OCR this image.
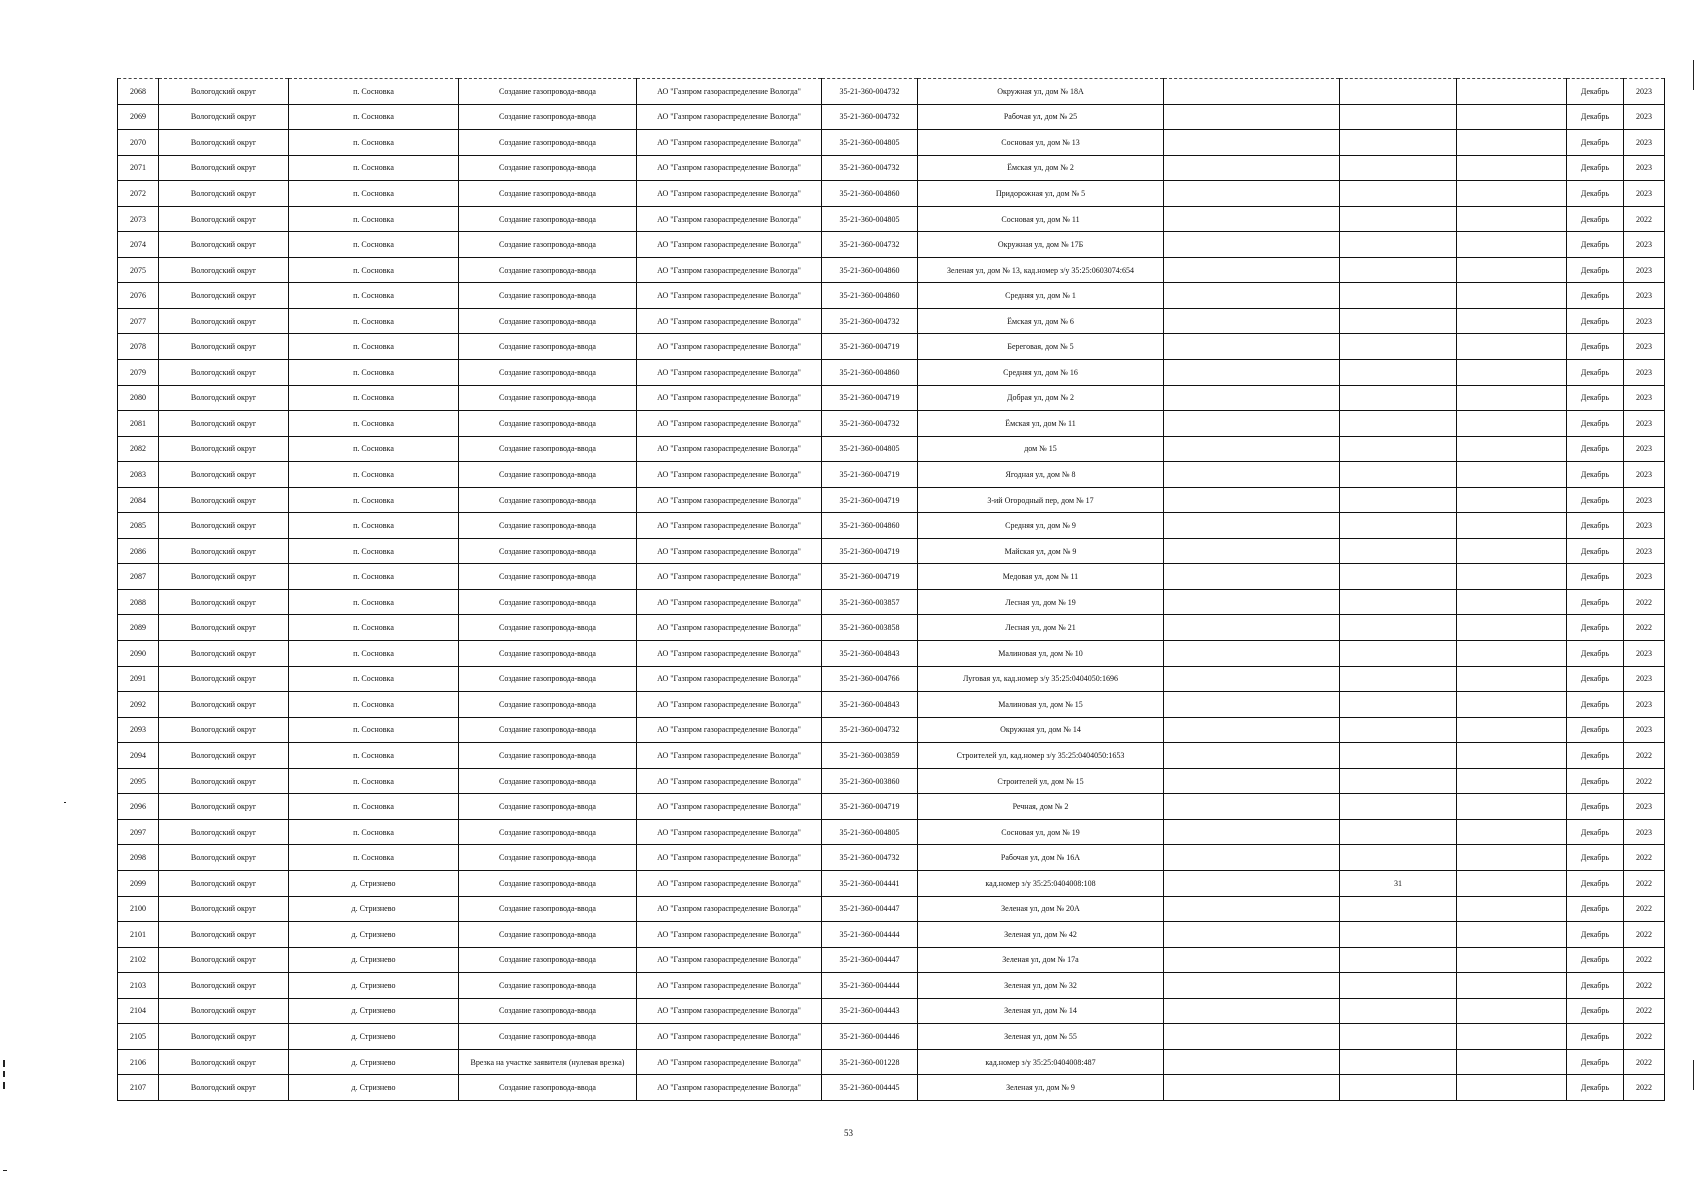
2068	Вологодский округ	п. Сосновка	Создание газопровода-ввода	АО "Газпром газораспределение Вологда"	35-21-360-004732	Окружная ул, дом № 18А				Декабрь	2023
2069	Вологодский округ	п. Сосновка	Создание газопровода-ввода	АО "Газпром газораспределение Вологда"	35-21-360-004732	Рабочая ул, дом № 25				Декабрь	2023
2070	Вологодский округ	п. Сосновка	Создание газопровода-ввода	АО "Газпром газораспределение Вологда"	35-21-360-004805	Сосновая ул, дом № 13				Декабрь	2023
2071	Вологодский округ	п. Сосновка	Создание газопровода-ввода	АО "Газпром газораспределение Вологда"	35-21-360-004732	Ёмская ул, дом № 2				Декабрь	2023
2072	Вологодский округ	п. Сосновка	Создание газопровода-ввода	АО "Газпром газораспределение Вологда"	35-21-360-004860	Придорожная ул, дом № 5				Декабрь	2023
2073	Вологодский округ	п. Сосновка	Создание газопровода-ввода	АО "Газпром газораспределение Вологда"	35-21-360-004805	Сосновая ул, дом № 11				Декабрь	2022
2074	Вологодский округ	п. Сосновка	Создание газопровода-ввода	АО "Газпром газораспределение Вологда"	35-21-360-004732	Окружная ул, дом № 17Б				Декабрь	2023
2075	Вологодский округ	п. Сосновка	Создание газопровода-ввода	АО "Газпром газораспределение Вологда"	35-21-360-004860	Зеленая ул, дом № 13, кад.номер з/у 35:25:0603074:654				Декабрь	2023
2076	Вологодский округ	п. Сосновка	Создание газопровода-ввода	АО "Газпром газораспределение Вологда"	35-21-360-004860	Средняя ул, дом № 1				Декабрь	2023
2077	Вологодский округ	п. Сосновка	Создание газопровода-ввода	АО "Газпром газораспределение Вологда"	35-21-360-004732	Ёмская ул, дом № 6				Декабрь	2023
2078	Вологодский округ	п. Сосновка	Создание газопровода-ввода	АО "Газпром газораспределение Вологда"	35-21-360-004719	Береговая, дом № 5				Декабрь	2023
2079	Вологодский округ	п. Сосновка	Создание газопровода-ввода	АО "Газпром газораспределение Вологда"	35-21-360-004860	Средняя ул, дом № 16				Декабрь	2023
2080	Вологодский округ	п. Сосновка	Создание газопровода-ввода	АО "Газпром газораспределение Вологда"	35-21-360-004719	Добрая ул, дом № 2				Декабрь	2023
2081	Вологодский округ	п. Сосновка	Создание газопровода-ввода	АО "Газпром газораспределение Вологда"	35-21-360-004732	Ёмская ул, дом № 11				Декабрь	2023
2082	Вологодский округ	п. Сосновка	Создание газопровода-ввода	АО "Газпром газораспределение Вологда"	35-21-360-004805	дом № 15				Декабрь	2023
2083	Вологодский округ	п. Сосновка	Создание газопровода-ввода	АО "Газпром газораспределение Вологда"	35-21-360-004719	Ягодная ул, дом № 8				Декабрь	2023
2084	Вологодский округ	п. Сосновка	Создание газопровода-ввода	АО "Газпром газораспределение Вологда"	35-21-360-004719	3-ий Огородный пер, дом № 17				Декабрь	2023
2085	Вологодский округ	п. Сосновка	Создание газопровода-ввода	АО "Газпром газораспределение Вологда"	35-21-360-004860	Средняя ул, дом № 9				Декабрь	2023
2086	Вологодский округ	п. Сосновка	Создание газопровода-ввода	АО "Газпром газораспределение Вологда"	35-21-360-004719	Майская ул, дом № 9				Декабрь	2023
2087	Вологодский округ	п. Сосновка	Создание газопровода-ввода	АО "Газпром газораспределение Вологда"	35-21-360-004719	Медовая ул, дом № 11				Декабрь	2023
2088	Вологодский округ	п. Сосновка	Создание газопровода-ввода	АО "Газпром газораспределение Вологда"	35-21-360-003857	Лесная ул, дом № 19				Декабрь	2022
2089	Вологодский округ	п. Сосновка	Создание газопровода-ввода	АО "Газпром газораспределение Вологда"	35-21-360-003858	Лесная ул, дом № 21				Декабрь	2022
2090	Вологодский округ	п. Сосновка	Создание газопровода-ввода	АО "Газпром газораспределение Вологда"	35-21-360-004843	Малиновая ул, дом № 10				Декабрь	2023
2091	Вологодский округ	п. Сосновка	Создание газопровода-ввода	АО "Газпром газораспределение Вологда"	35-21-360-004766	Луговая ул, кад.номер з/у 35:25:0404050:1696				Декабрь	2023
2092	Вологодский округ	п. Сосновка	Создание газопровода-ввода	АО "Газпром газораспределение Вологда"	35-21-360-004843	Малиновая ул, дом № 15				Декабрь	2023
2093	Вологодский округ	п. Сосновка	Создание газопровода-ввода	АО "Газпром газораспределение Вологда"	35-21-360-004732	Окружная ул, дом № 14				Декабрь	2023
2094	Вологодский округ	п. Сосновка	Создание газопровода-ввода	АО "Газпром газораспределение Вологда"	35-21-360-003859	Строителей ул, кад.номер з/у 35:25:0404050:1653				Декабрь	2022
2095	Вологодский округ	п. Сосновка	Создание газопровода-ввода	АО "Газпром газораспределение Вологда"	35-21-360-003860	Строителей ул, дом № 15				Декабрь	2022
2096	Вологодский округ	п. Сосновка	Создание газопровода-ввода	АО "Газпром газораспределение Вологда"	35-21-360-004719	Речная, дом № 2				Декабрь	2023
2097	Вологодский округ	п. Сосновка	Создание газопровода-ввода	АО "Газпром газораспределение Вологда"	35-21-360-004805	Сосновая ул, дом № 19				Декабрь	2023
2098	Вологодский округ	п. Сосновка	Создание газопровода-ввода	АО "Газпром газораспределение Вологда"	35-21-360-004732	Рабочая ул, дом № 16А				Декабрь	2022
2099	Вологодский округ	д. Стризнево	Создание газопровода-ввода	АО "Газпром газораспределение Вологда"	35-21-360-004441	кад.номер з/у 35:25:0404008:108		31		Декабрь	2022
2100	Вологодский округ	д. Стризнево	Создание газопровода-ввода	АО "Газпром газораспределение Вологда"	35-21-360-004447	Зеленая ул, дом № 20А				Декабрь	2022
2101	Вологодский округ	д. Стризнево	Создание газопровода-ввода	АО "Газпром газораспределение Вологда"	35-21-360-004444	Зеленая ул, дом № 42				Декабрь	2022
2102	Вологодский округ	д. Стризнево	Создание газопровода-ввода	АО "Газпром газораспределение Вологда"	35-21-360-004447	Зеленая ул, дом № 17а				Декабрь	2022
2103	Вологодский округ	д. Стризнево	Создание газопровода-ввода	АО "Газпром газораспределение Вологда"	35-21-360-004444	Зеленая ул, дом № 32				Декабрь	2022
2104	Вологодский округ	д. Стризнево	Создание газопровода-ввода	АО "Газпром газораспределение Вологда"	35-21-360-004443	Зеленая ул, дом № 14				Декабрь	2022
2105	Вологодский округ	д. Стризнево	Создание газопровода-ввода	АО "Газпром газораспределение Вологда"	35-21-360-004446	Зеленая ул, дом № 55				Декабрь	2022
2106	Вологодский округ	д. Стризнево	Врезка на участке заявителя (нулевая врезка)	АО "Газпром газораспределение Вологда"	35-21-360-001228	кад.номер з/у 35:25:0404008:487				Декабрь	2022
2107	Вологодский округ	д. Стризнево	Создание газопровода-ввода	АО "Газпром газораспределение Вологда"	35-21-360-004445	Зеленая ул, дом № 9				Декабрь	2022
53
